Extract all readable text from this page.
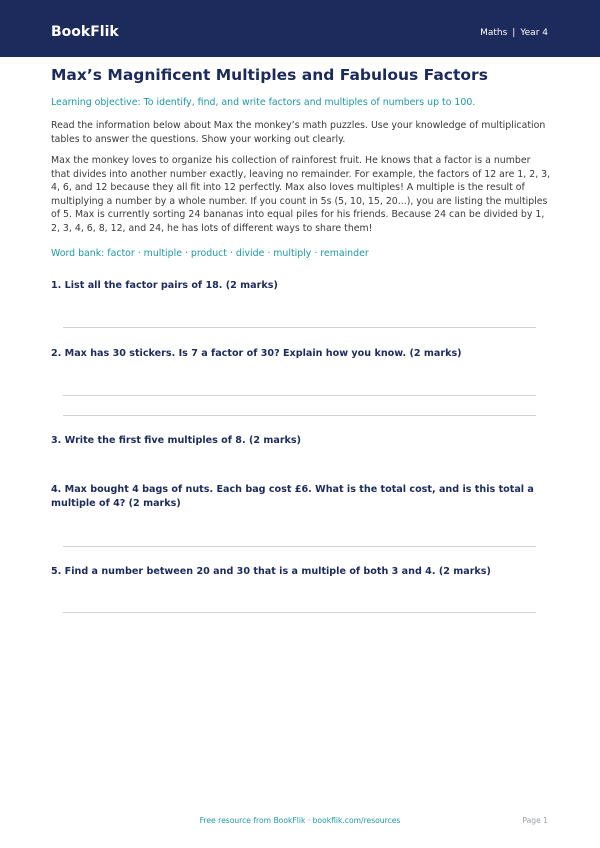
BookFlik	Maths | Year 4
Max’s Magnificent Multiples and Fabulous Factors
Learning objective: To identify, find, and write factors and multiples of numbers up to 100.
Read the information below about Max the monkey’s math puzzles. Use your knowledge of multiplication tables to answer the questions. Show your working out clearly.
Max the monkey loves to organize his collection of rainforest fruit. He knows that a factor is a number that divides into another number exactly, leaving no remainder. For example, the factors of 12 are 1, 2, 3, 4, 6, and 12 because they all fit into 12 perfectly. Max also loves multiples! A multiple is the result of multiplying a number by a whole number. If you count in 5s (5, 10, 15, 20...), you are listing the multiples of 5. Max is currently sorting 24 bananas into equal piles for his friends. Because 24 can be divided by 1, 2, 3, 4, 6, 8, 12, and 24, he has lots of different ways to share them!
Word bank: factor · multiple · product · divide · multiply · remainder
1. List all the factor pairs of 18. (2 marks)
2. Max has 30 stickers. Is 7 a factor of 30? Explain how you know. (2 marks)
3. Write the first five multiples of 8. (2 marks)
4. Max bought 4 bags of nuts. Each bag cost £6. What is the total cost, and is this total a multiple of 4? (2 marks)
5. Find a number between 20 and 30 that is a multiple of both 3 and 4. (2 marks)
Free resource from BookFlik · bookflik.com/resources	Page 1
